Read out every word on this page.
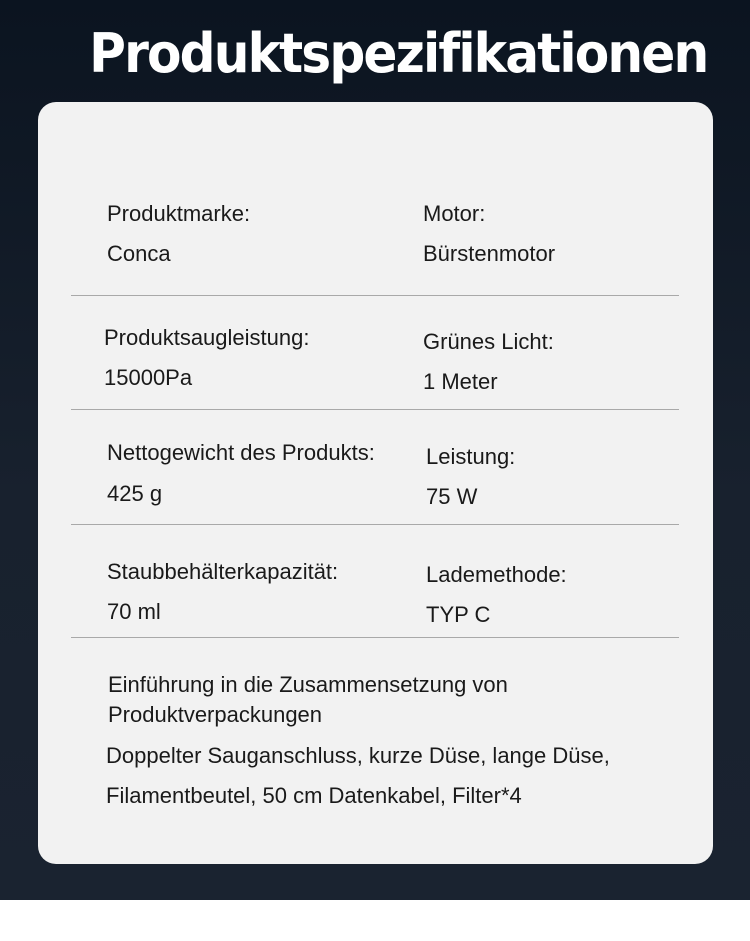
Produktspezifikationen
Produktmarke:
Conca
Motor:
Bürstenmotor
Produktsaugleistung:
15000Pa
Grünes Licht:
1 Meter
Nettogewicht des Produkts:
425 g
Leistung:
75 W
Staubbehälterkapazität:
70 ml
Lademethode:
TYP C
Einführung in die Zusammensetzung von Produktverpackungen
Doppelter Sauganschluss, kurze Düse, lange Düse, Filamentbeutel, 50 cm Datenkabel, Filter*4
